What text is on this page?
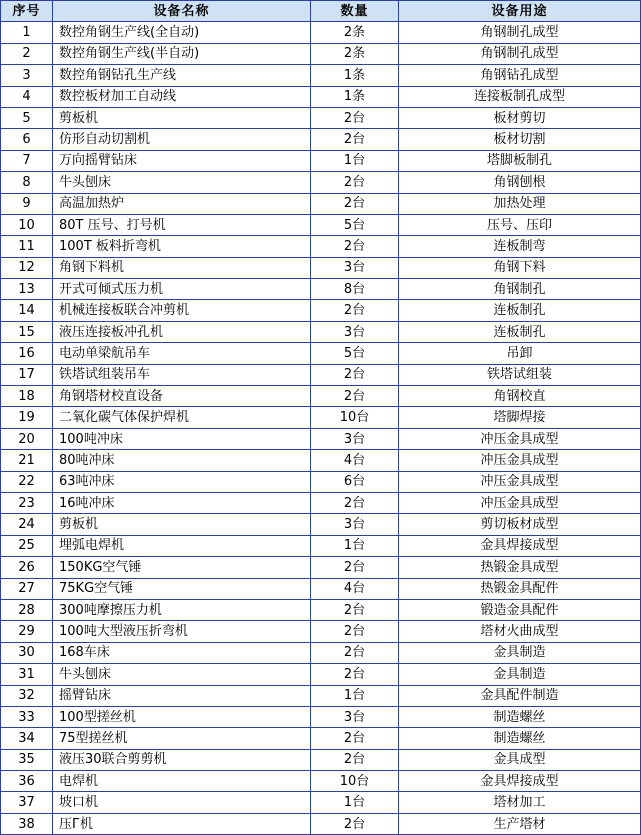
序号	设备名称	数量	设备用途
1	数控角钢生产线(全自动)	2条	角钢制孔成型
2	数控角钢生产线(半自动)	2条	角钢制孔成型
3	数控角钢钻孔生产线	1条	角钢钻孔成型
4	数控板材加工自动线	1条	连接板制孔成型
5	剪板机	2台	板材剪切
6	仿形自动切割机	2台	板材切割
7	万向摇臂钻床	1台	塔脚板制孔
8	牛头刨床	2台	角钢刨根
9	高温加热炉	2台	加热处理
10	80T 压号、打号机	5台	压号、压印
11	100T 板料折弯机	2台	连板制弯
12	角钢下料机	3台	角钢下料
13	开式可倾式压力机	8台	角钢制孔
14	机械连接板联合冲剪机	2台	连板制孔
15	液压连接板冲孔机	3台	连板制孔
16	电动单梁航吊车	5台	吊卸
17	铁塔试组装吊车	2台	铁塔试组装
18	角钢塔材校直设备	2台	角钢校直
19	二氧化碳气体保护焊机	10台	塔脚焊接
20	100吨冲床	3台	冲压金具成型
21	80吨冲床	4台	冲压金具成型
22	63吨冲床	6台	冲压金具成型
23	16吨冲床	2台	冲压金具成型
24	剪板机	3台	剪切板材成型
25	埋弧电焊机	1台	金具焊接成型
26	150KG空气锤	2台	热锻金具成型
27	75KG空气锤	4台	热锻金具配件
28	300吨摩擦压力机	2台	锻造金具配件
29	100吨大型液压折弯机	2台	塔材火曲成型
30	168车床	2台	金具制造
31	牛头刨床	2台	金具制造
32	摇臂钻床	1台	金具配件制造
33	100型搓丝机	3台	制造螺丝
34	75型搓丝机	2台	制造螺丝
35	液压30联合剪剪机	2台	金具成型
36	电焊机	10台	金具焊接成型
37	坡口机	1台	塔材加工
38	压Г机	2台	生产塔材
